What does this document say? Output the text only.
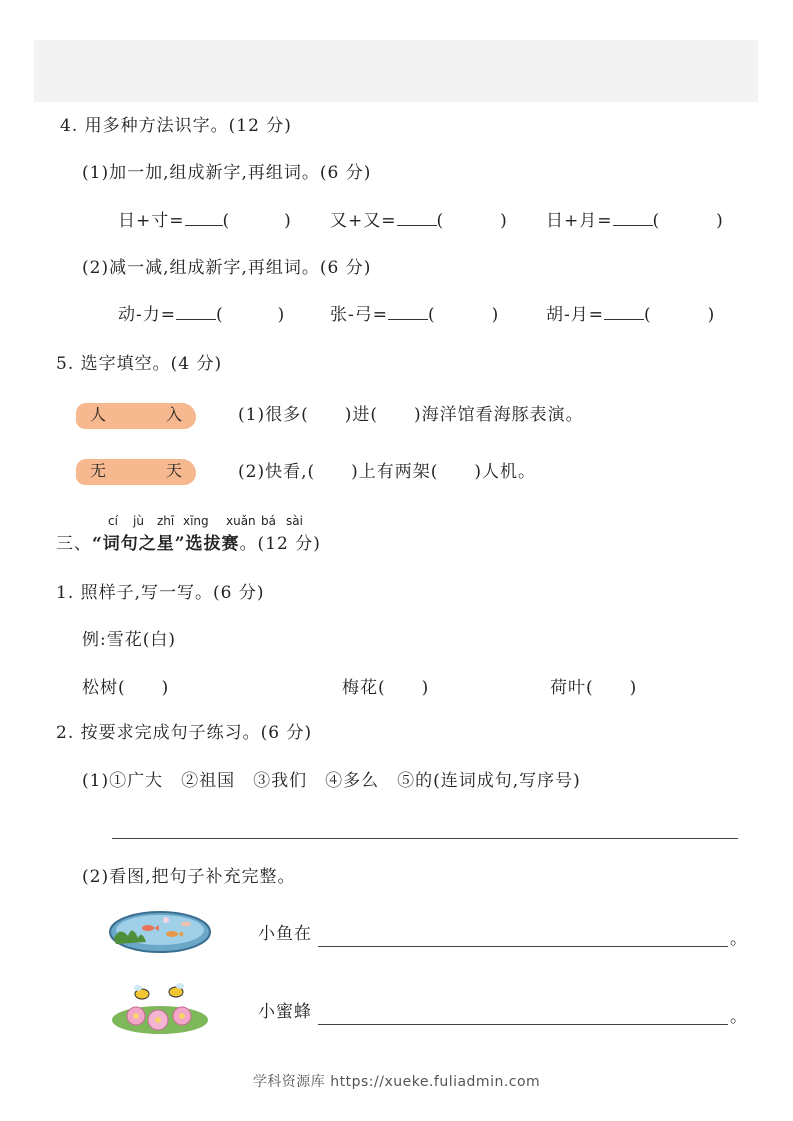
4. 用多种方法识字。(12 分)
(1)加一加,组成新字,再组词。(6 分)
日+寸= (	) 又+又= (	) 日+月= (	)
(2)减一减,组成新字,再组词。(6 分)
动-力= (	)	张-弓= (	)	胡-月= (	)
5. 选字填空。(4 分)
人	入	(1)很多(　　)进(　　)海洋馆看海豚表演。
无	天	(2)快看,(　　)上有两架(　　)人机。
cí jù zhī xīng xuǎn bá sài
三、“词句之星”选拔赛。(12 分)
1. 照样子,写一写。(6 分)
例:雪花(白)
松树(　　)	梅花(　　)	荷叶(　　)
2. 按要求完成句子练习。(6 分)
(1)①广大　②祖国　③我们　④多么　⑤的(连词成句,写序号)
(2)看图,把句子补充完整。
小鱼在	。
小蜜蜂	。
学科资源库 https://xueke.fuliadmin.com
